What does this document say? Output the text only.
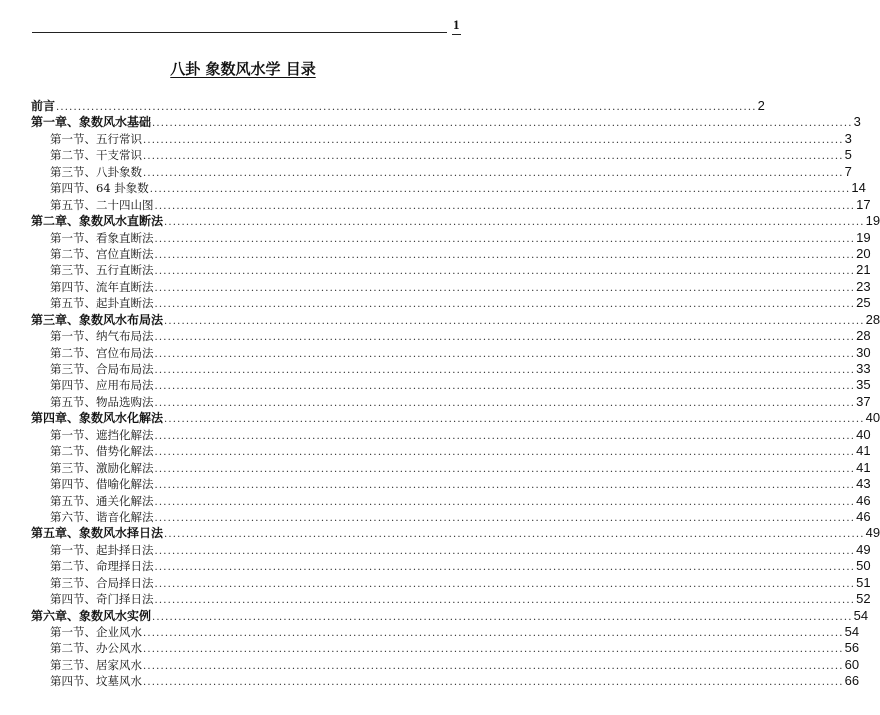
1
八卦 象数风水学 目录
前言 ................................................................................................................................................................ 2
第一章、象数风水基础 ................................................................................................................................................................ 3
第一节、五行常识 ................................................................................................................................................................ 3
第二节、干支常识 ................................................................................................................................................................ 5
第三节、八卦象数 ................................................................................................................................................................ 7
第四节、64 卦象数 ................................................................................................................................................................ 14
第五节、二十四山图 ................................................................................................................................................................ 17
第二章、象数风水直断法 ................................................................................................................................................................ 19
第一节、看象直断法 ................................................................................................................................................................ 19
第二节、宫位直断法 ................................................................................................................................................................ 20
第三节、五行直断法 ................................................................................................................................................................ 21
第四节、流年直断法 ................................................................................................................................................................ 23
第五节、起卦直断法 ................................................................................................................................................................ 25
第三章、象数风水布局法 ................................................................................................................................................................ 28
第一节、纳气布局法 ................................................................................................................................................................ 28
第二节、宫位布局法 ................................................................................................................................................................ 30
第三节、合局布局法 ................................................................................................................................................................ 33
第四节、应用布局法 ................................................................................................................................................................ 35
第五节、物品选购法 ................................................................................................................................................................ 37
第四章、象数风水化解法 ................................................................................................................................................................ 40
第一节、遮挡化解法 ................................................................................................................................................................ 40
第二节、借势化解法 ................................................................................................................................................................ 41
第三节、激励化解法 ................................................................................................................................................................ 41
第四节、借喻化解法 ................................................................................................................................................................ 43
第五节、通关化解法 ................................................................................................................................................................ 46
第六节、谐音化解法 ................................................................................................................................................................ 46
第五章、象数风水择日法 ................................................................................................................................................................ 49
第一节、起卦择日法 ................................................................................................................................................................ 49
第二节、命理择日法 ................................................................................................................................................................ 50
第三节、合局择日法 ................................................................................................................................................................ 51
第四节、奇门择日法 ................................................................................................................................................................ 52
第六章、象数风水实例 ................................................................................................................................................................ 54
第一节、企业风水 ................................................................................................................................................................ 54
第二节、办公风水 ................................................................................................................................................................ 56
第三节、居家风水 ................................................................................................................................................................ 60
第四节、坟墓风水 ................................................................................................................................................................ 66
